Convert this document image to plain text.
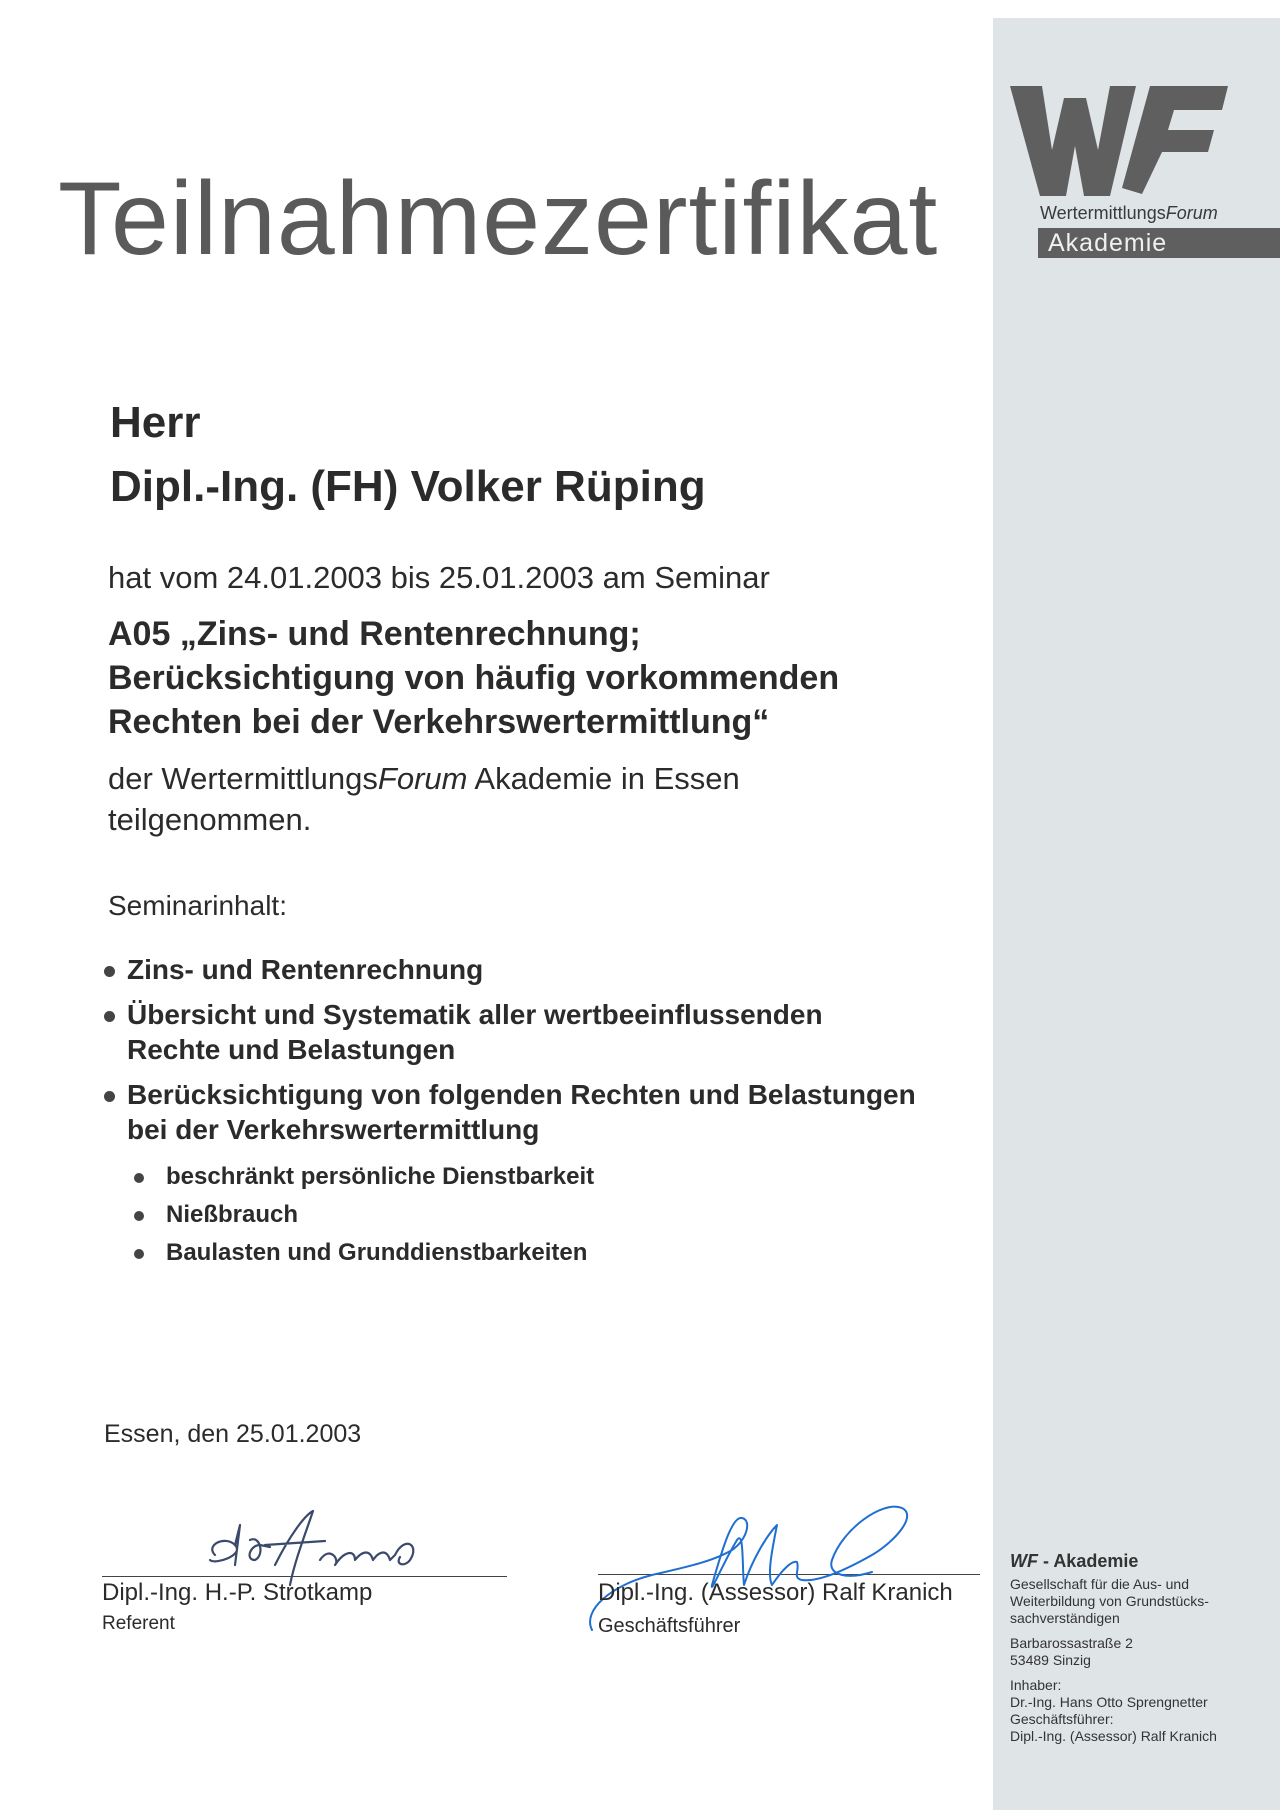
WertermittlungsForum
Akademie
Teilnahmezertifikat
Herr
Dipl.-Ing. (FH) Volker Rüping
hat vom 24.01.2003 bis 25.01.2003 am Seminar
A05 „Zins- und Rentenrechnung;
Berücksichtigung von häufig vorkommenden
Rechten bei der Verkehrswertermittlung“
der WertermittlungsForum Akademie in Essen
teilgenommen.
Seminarinhalt:
Zins- und Rentenrechnung
Übersicht und Systematik aller wertbeeinflussenden
Rechte und Belastungen
Berücksichtigung von folgenden Rechten und Belastungen
bei der Verkehrswertermittlung
beschränkt persönliche Dienstbarkeit
Nießbrauch
Baulasten und Grunddienstbarkeiten
Essen, den 25.01.2003
Dipl.-Ing. H.-P. Strotkamp
Referent
Dipl.-Ing. (Assessor) Ralf Kranich
Geschäftsführer
WF - Akademie
Gesellschaft für die Aus- und
Weiterbildung von Grundstücks-
sachverständigen
Barbarossastraße 2
53489 Sinzig
Inhaber:
Dr.-Ing. Hans Otto Sprengnetter
Geschäftsführer:
Dipl.-Ing. (Assessor) Ralf Kranich
